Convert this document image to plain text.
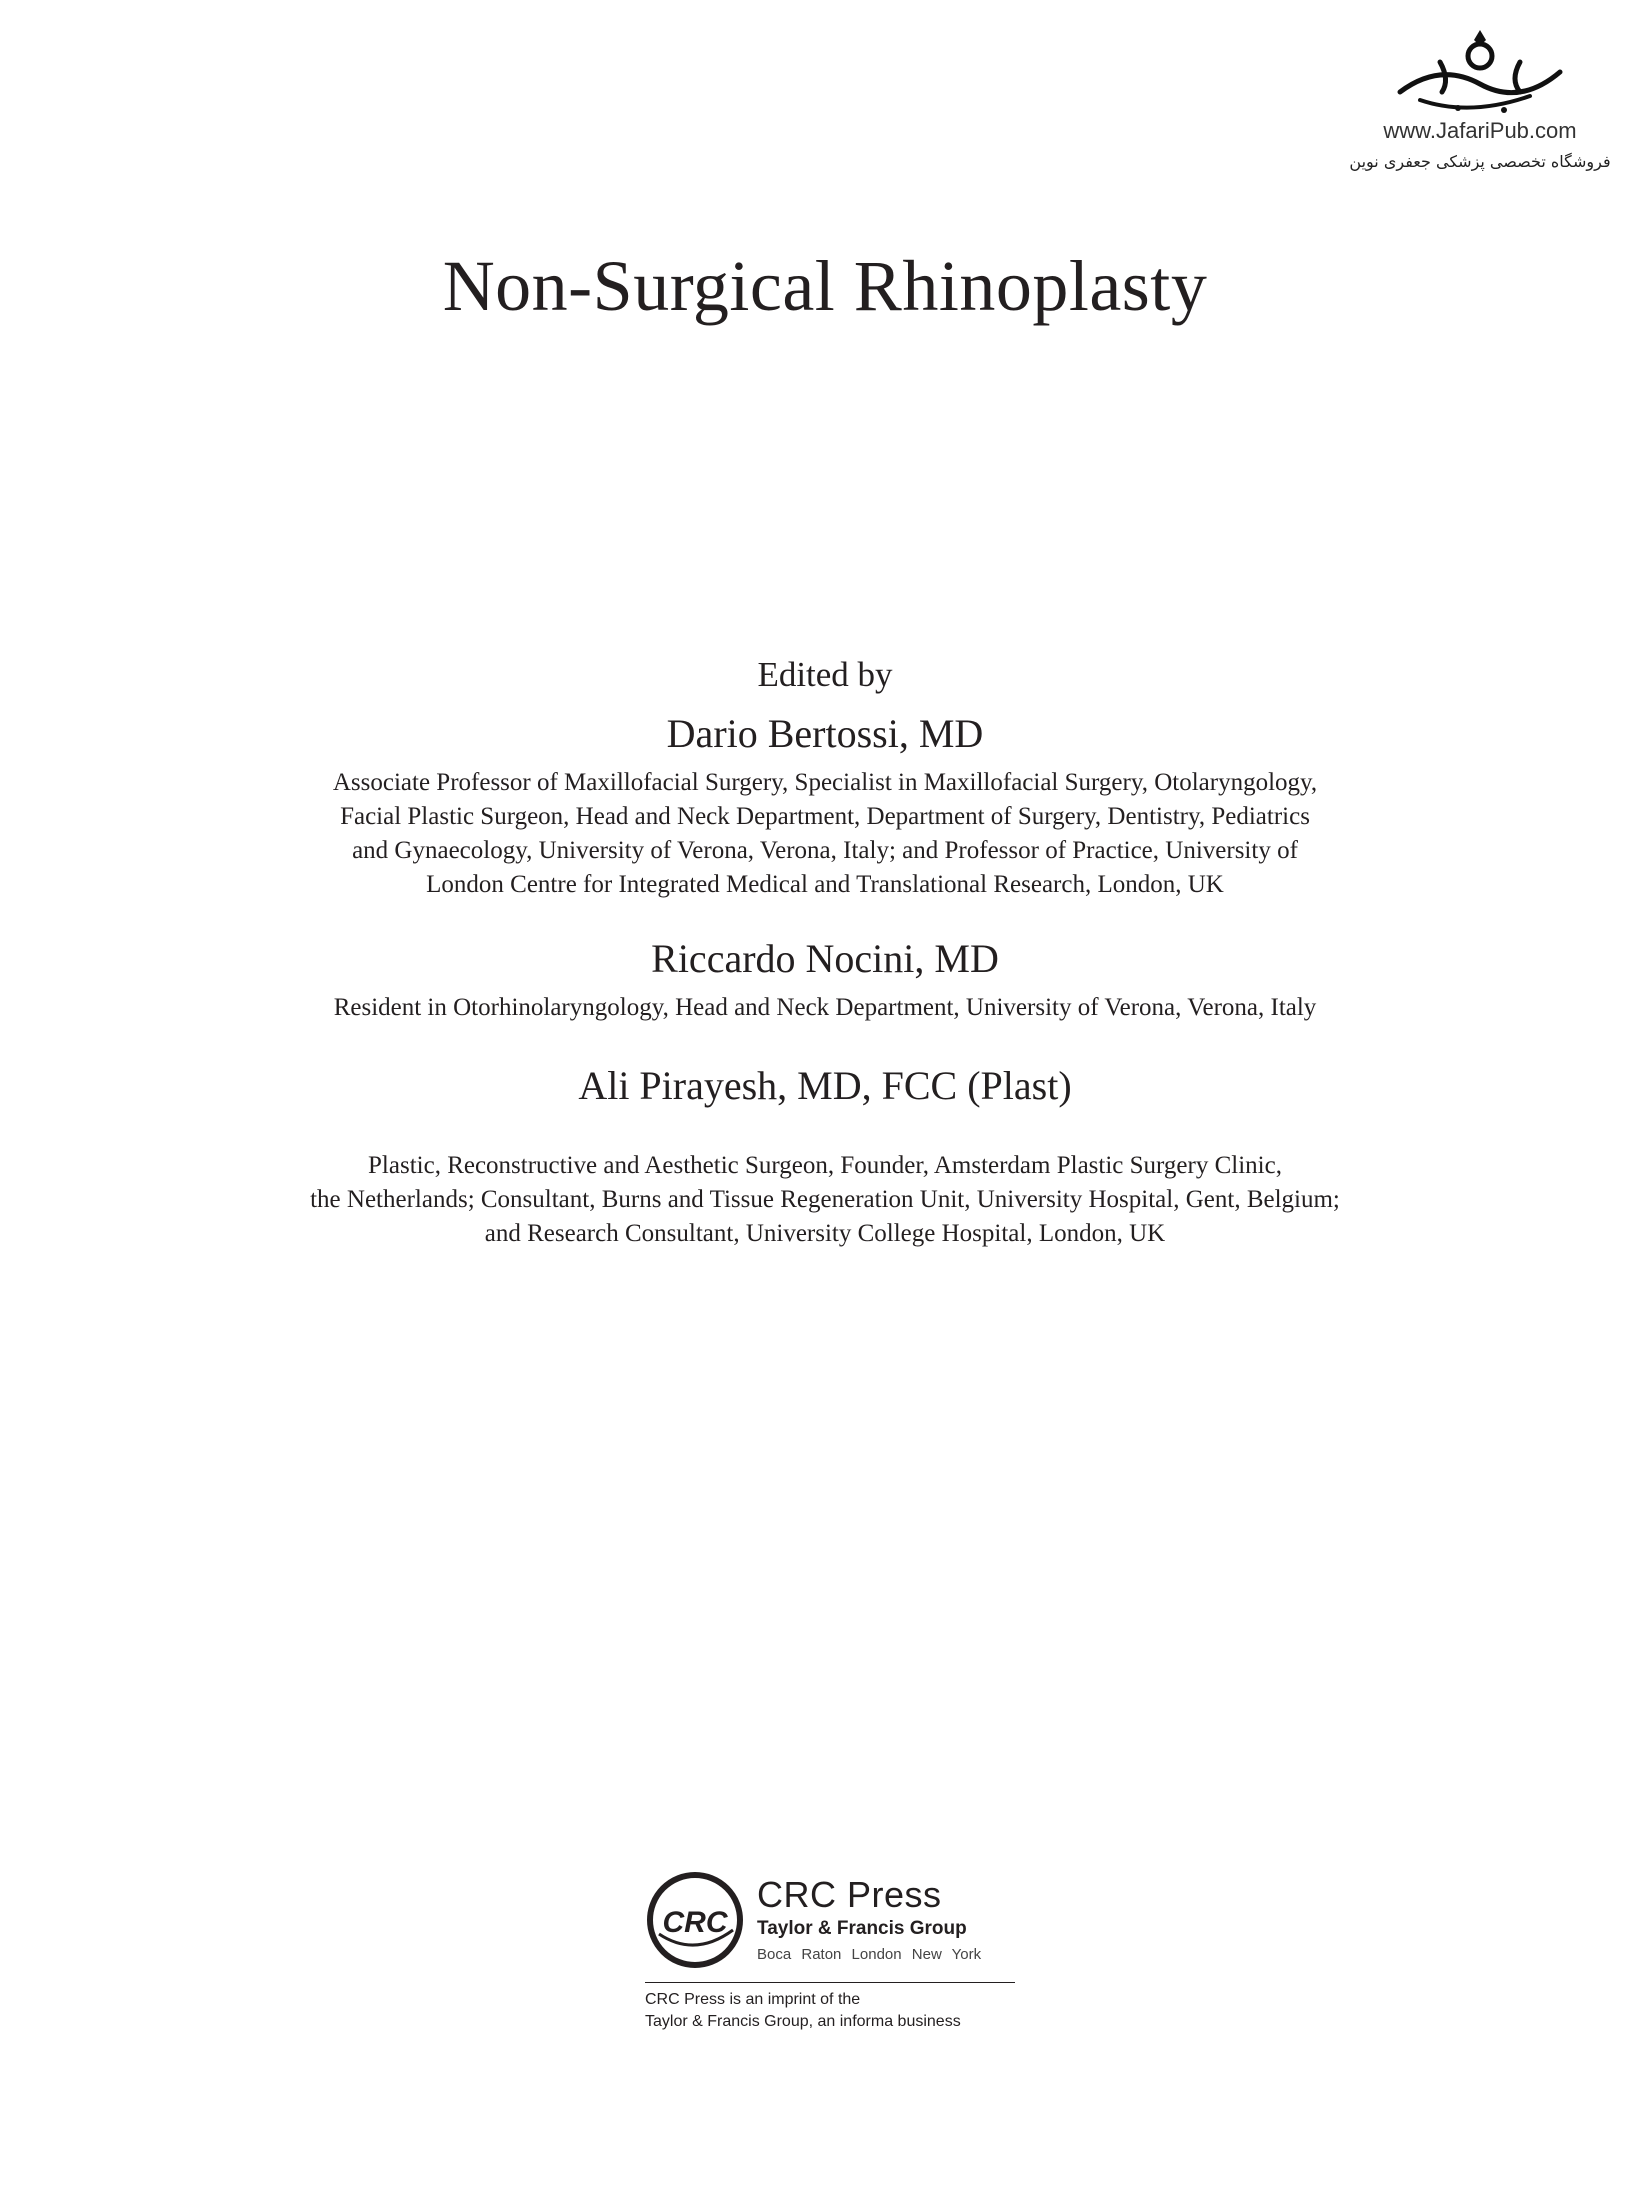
www.JafariPub.com
فروشگاه تخصصی پزشکی جعفری نوین
Non-Surgical Rhinoplasty
Edited by
Dario Bertossi, MD
Associate Professor of Maxillofacial Surgery, Specialist in Maxillofacial Surgery, Otolaryngology,
Facial Plastic Surgeon, Head and Neck Department, Department of Surgery, Dentistry, Pediatrics
and Gynaecology, University of Verona, Verona, Italy; and Professor of Practice, University of
London Centre for Integrated Medical and Translational Research, London, UK
Riccardo Nocini, MD
Resident in Otorhinolaryngology, Head and Neck Department, University of Verona, Verona, Italy
Ali Pirayesh, MD, FCC (Plast)
Plastic, Reconstructive and Aesthetic Surgeon, Founder, Amsterdam Plastic Surgery Clinic,
the Netherlands; Consultant, Burns and Tissue Regeneration Unit, University Hospital, Gent, Belgium;
and Research Consultant, University College Hospital, London, UK
CRC
CRC Press
Taylor & Francis Group
Boca Raton London New York
CRC Press is an imprint of the
Taylor & Francis Group, an informa business
